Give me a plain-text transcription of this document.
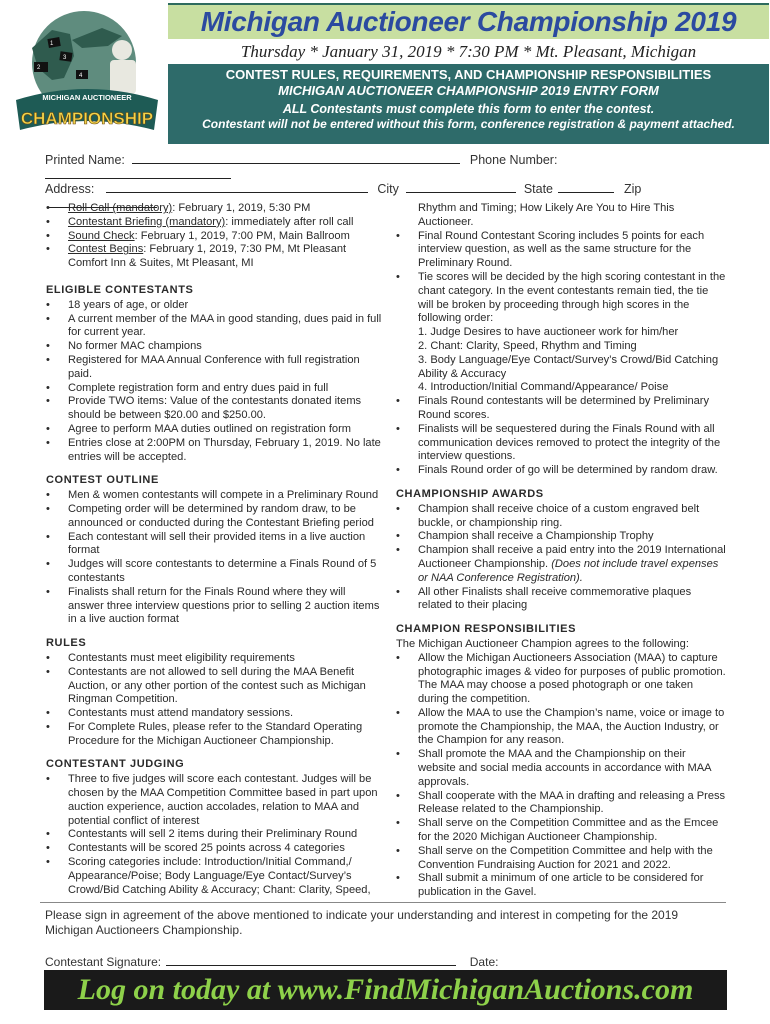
1
2
3
4
MICHIGAN AUCTIONEER
CHAMPIONSHIP
Michigan Auctioneer Championship 2019
Thursday * January 31, 2019 * 7:30 PM * Mt. Pleasant, Michigan
CONTEST RULES, REQUIREMENTS, AND CHAMPIONSHIP RESPONSIBILITIES
MICHIGAN AUCTIONEER CHAMPIONSHIP 2019 ENTRY FORM
ALL Contestants must complete this form to enter the contest.
Contestant will not be entered without this form, conference registration & payment attached.
Printed Name:	Phone Number:
Address:	City	State	Zip
• Roll Call (mandatory): February 1, 2019, 5:30 PM
• Contestant Briefing (mandatory): immediately after roll call
• Sound Check: February 1, 2019, 7:00 PM, Main Ballroom
• Contest Begins: February 1, 2019, 7:30 PM, Mt Pleasant Comfort Inn & Suites, Mt Pleasant, MI
ELIGIBLE CONTESTANTS
• 18 years of age, or older
• A current member of the MAA in good standing, dues paid in full for current year.
• No former MAC champions
• Registered for MAA Annual Conference with full registration paid.
• Complete registration form and entry dues paid in full
• Provide TWO items: Value of the contestants donated items should be between $20.00 and $250.00.
• Agree to perform MAA duties outlined on registration form
• Entries close at 2:00PM on Thursday, February 1, 2019. No late entries will be accepted.
CONTEST OUTLINE
• Men & women contestants will compete in a Preliminary Round
• Competing order will be determined by random draw, to be announced or conducted during the Contestant Briefing period
• Each contestant will sell their provided items in a live auction format
• Judges will score contestants to determine a Finals Round of 5 contestants
• Finalists shall return for the Finals Round where they will answer three interview questions prior to selling 2 auction items in a live auction format
RULES
• Contestants must meet eligibility requirements
• Contestants are not allowed to sell during the MAA Benefit Auction, or any other portion of the contest such as Michigan Ringman Competition.
• Contestants must attend mandatory sessions.
• For Complete Rules, please refer to the Standard Operating Procedure for the Michigan Auctioneer Championship.
CONTESTANT JUDGING
• Three to five judges will score each contestant. Judges will be chosen by the MAA Competition Committee based in part upon auction experience, auction accolades, relation to MAA and potential conflict of interest
• Contestants will sell 2 items during their Preliminary Round
• Contestants will be scored 25 points across 4 categories
• Scoring categories include: Introduction/Initial Command,/ Appearance/Poise; Body Language/Eye Contact/Survey’s Crowd/Bid Catching Ability & Accuracy; Chant: Clarity, Speed,
Rhythm and Timing; How Likely Are You to Hire This Auctioneer.
• Final Round Contestant Scoring includes 5 points for each interview question, as well as the same structure for the Preliminary Round.
• Tie scores will be decided by the high scoring contestant in the chant category. In the event contestants remain tied, the tie will be broken by proceeding through high scores in the following order:
1. Judge Desires to have auctioneer work for him/her
2. Chant: Clarity, Speed, Rhythm and Timing
3. Body Language/Eye Contact/Survey’s Crowd/Bid Catching Ability & Accuracy
4. Introduction/Initial Command/Appearance/ Poise
• Finals Round contestants will be determined by Preliminary Round scores.
• Finalists will be sequestered during the Finals Round with all communication devices removed to protect the integrity of the interview questions.
• Finals Round order of go will be determined by random draw.
CHAMPIONSHIP AWARDS
• Champion shall receive choice of a custom engraved belt buckle, or championship ring.
• Champion shall receive a Championship Trophy
• Champion shall receive a paid entry into the 2019 International Auctioneer Championship. (Does not include travel expenses or NAA Conference Registration).
• All other Finalists shall receive commemorative plaques related to their placing
CHAMPION RESPONSIBILITIES
The Michigan Auctioneer Champion agrees to the following:
• Allow the Michigan Auctioneers Association (MAA) to capture photographic images & video for purposes of public promotion. The MAA may choose a posed photograph or one taken during the competition.
• Allow the MAA to use the Champion’s name, voice or image to promote the Championship, the MAA, the Auction Industry, or the Champion for any reason.
• Shall promote the MAA and the Championship on their website and social media accounts in accordance with MAA approvals.
• Shall cooperate with the MAA in drafting and releasing a Press Release related to the Championship.
• Shall serve on the Competition Committee and as the Emcee for the 2020 Michigan Auctioneer Championship.
• Shall serve on the Competition Committee and help with the Convention Fundraising Auction for 2021 and 2022.
• Shall submit a minimum of one article to be considered for publication in the Gavel.
Please sign in agreement of the above mentioned to indicate your understanding and interest in competing for the 2019 Michigan Auctioneers Championship.
Contestant Signature:	Date:
Log on today at www.FindMichiganAuctions.com
